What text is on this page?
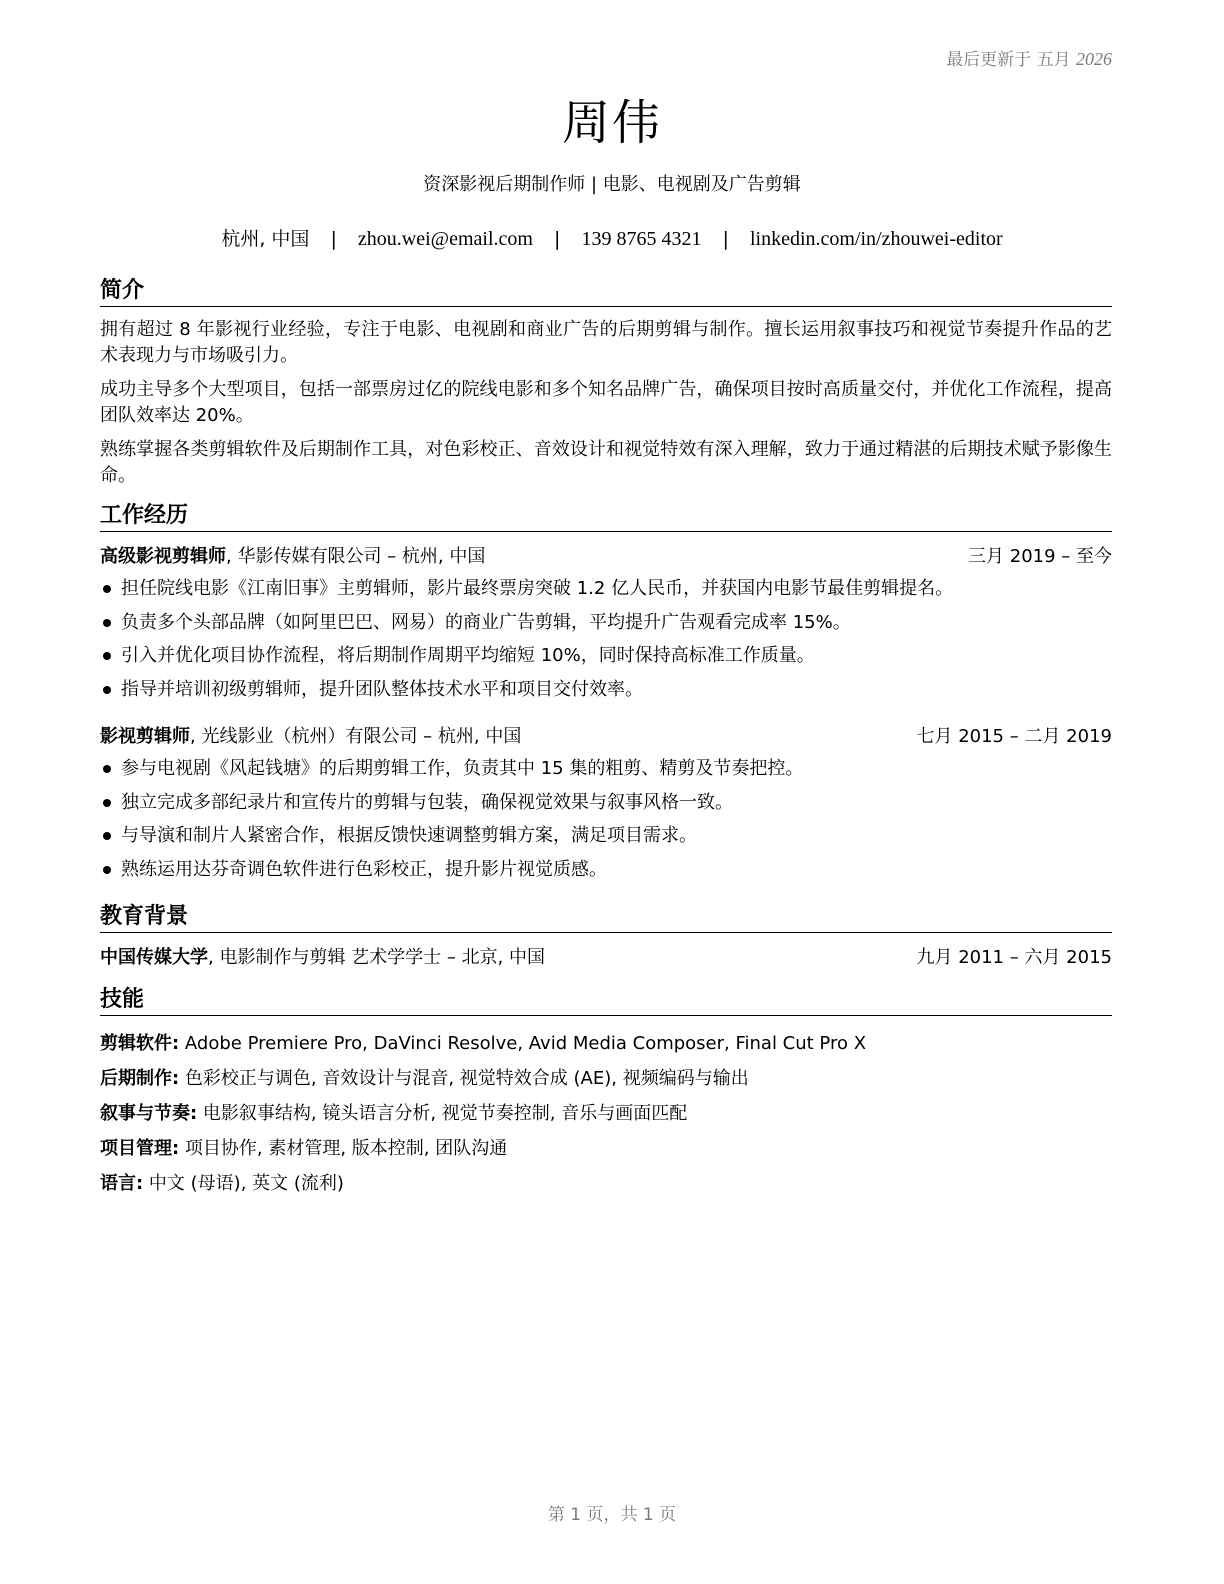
最后更新于 五月 2026
周伟
资深影视后期制作师 | 电影、电视剧及广告剪辑
杭州, 中国 | zhou.wei@email.com | 139 8765 4321 | linkedin.com/in/zhouwei-editor
简介

拥有超过 8 年影视行业经验，专注于电影、电视剧和商业广告的后期剪辑与制作。擅长运用叙事技巧和视觉节奏提升作品的艺术表现力与市场吸引力。

成功主导多个大型项目，包括一部票房过亿的院线电影和多个知名品牌广告，确保项目按时高质量交付，并优化工作流程，提高团队效率达 20%。

熟练掌握各类剪辑软件及后期制作工具，对色彩校正、音效设计和视觉特效有深入理解，致力于通过精湛的后期技术赋予影像生命。

工作经历
高级影视剪辑师, 华影传媒有限公司 – 杭州, 中国	三月 2019 – 至今
担任院线电影《江南旧事》主剪辑师，影片最终票房突破 1.2 亿人民币，并获国内电影节最佳剪辑提名。
负责多个头部品牌（如阿里巴巴、网易）的商业广告剪辑，平均提升广告观看完成率 15%。
引入并优化项目协作流程，将后期制作周期平均缩短 10%，同时保持高标准工作质量。
指导并培训初级剪辑师，提升团队整体技术水平和项目交付效率。
影视剪辑师, 光线影业（杭州）有限公司 – 杭州, 中国	七月 2015 – 二月 2019
参与电视剧《风起钱塘》的后期剪辑工作，负责其中 15 集的粗剪、精剪及节奏把控。
独立完成多部纪录片和宣传片的剪辑与包装，确保视觉效果与叙事风格一致。
与导演和制片人紧密合作，根据反馈快速调整剪辑方案，满足项目需求。
熟练运用达芬奇调色软件进行色彩校正，提升影片视觉质感。
教育背景
中国传媒大学, 电影制作与剪辑 艺术学学士 – 北京, 中国	九月 2011 – 六月 2015
技能
剪辑软件: Adobe Premiere Pro, DaVinci Resolve, Avid Media Composer, Final Cut Pro X
后期制作: 色彩校正与调色, 音效设计与混音, 视觉特效合成 (AE), 视频编码与输出
叙事与节奏: 电影叙事结构, 镜头语言分析, 视觉节奏控制, 音乐与画面匹配
项目管理: 项目协作, 素材管理, 版本控制, 团队沟通
语言: 中文 (母语), 英文 (流利)
第 1 页，共 1 页
